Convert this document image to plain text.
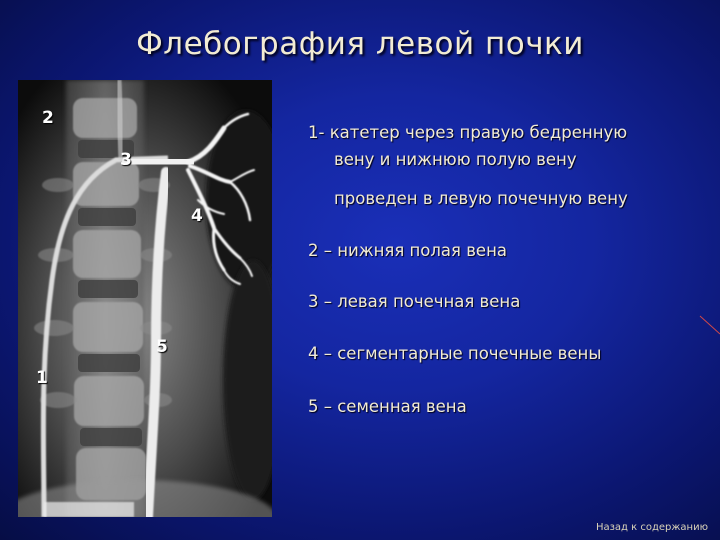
Флебография левой почки
2
3
4
5
1
1- катетер через правую бедренную
вену и нижнюю полую вену
проведен в левую почечную вену
2 – нижняя полая вена
3 – левая почечная вена
4 – сегментарные почечные вены
5 – семенная вена
Назад к содержанию
